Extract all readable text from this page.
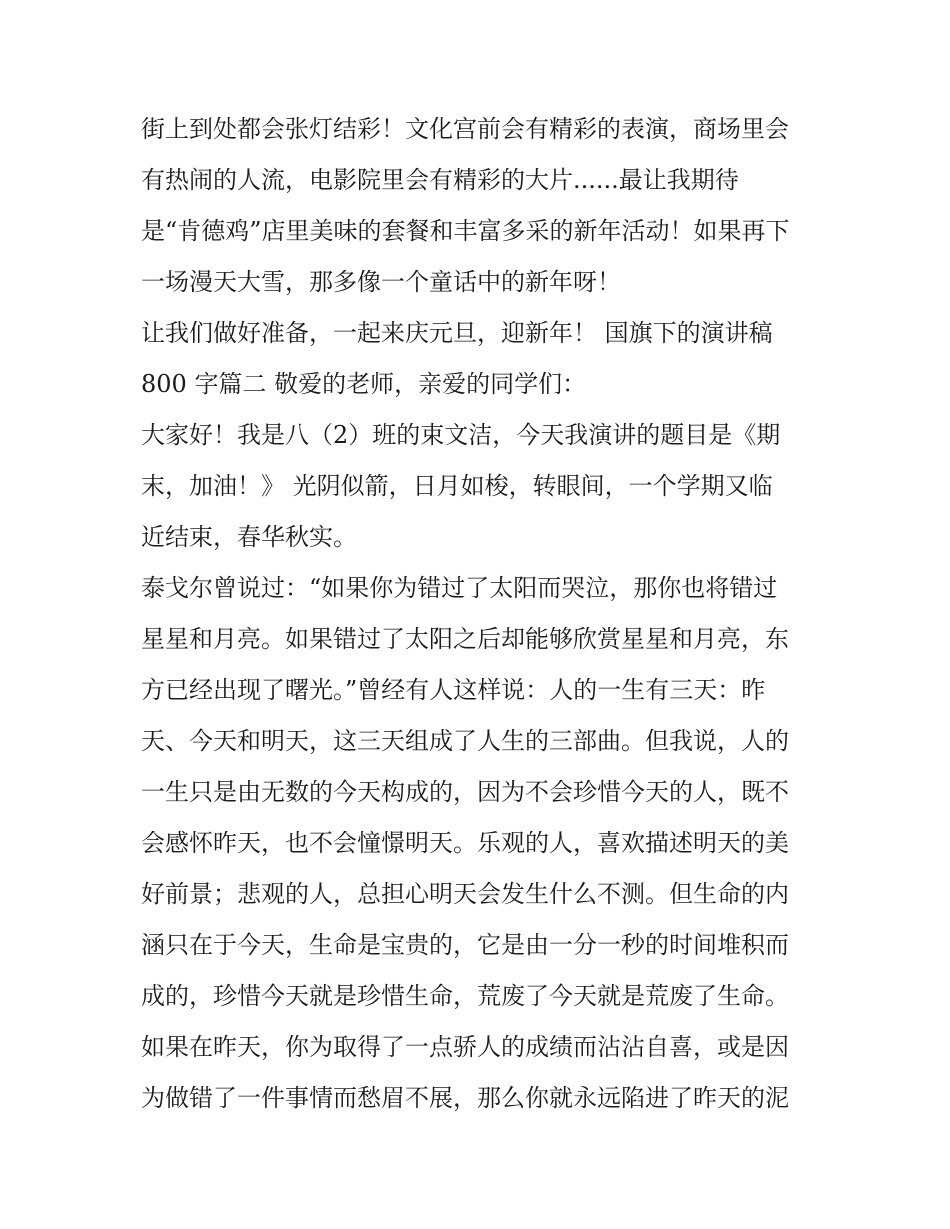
街上到处都会张灯结彩！文化宫前会有精彩的表演，商场里会
有热闹的人流，电影院里会有精彩的大片......最让我期待
是“肯德鸡”店里美味的套餐和丰富多采的新年活动！如果再下
一场漫天大雪，那多像一个童话中的新年呀！
让我们做好准备，一起来庆元旦，迎新年！ 国旗下的演讲稿
800 字篇二 敬爱的老师，亲爱的同学们：
大家好！我是八（2）班的束文洁，今天我演讲的题目是《期
末，加油！》 光阴似箭，日月如梭，转眼间，一个学期又临
近结束，春华秋实。
泰戈尔曾说过：“如果你为错过了太阳而哭泣，那你也将错过
星星和月亮。如果错过了太阳之后却能够欣赏星星和月亮，东
方已经出现了曙光。”曾经有人这样说：人的一生有三天：昨
天、今天和明天，这三天组成了人生的三部曲。但我说，人的
一生只是由无数的今天构成的，因为不会珍惜今天的人，既不
会感怀昨天，也不会憧憬明天。乐观的人，喜欢描述明天的美
好前景；悲观的人，总担心明天会发生什么不测。但生命的内
涵只在于今天，生命是宝贵的，它是由一分一秒的时间堆积而
成的，珍惜今天就是珍惜生命，荒废了今天就是荒废了生命。
如果在昨天，你为取得了一点骄人的成绩而沾沾自喜，或是因
为做错了一件事情而愁眉不展，那么你就永远陷进了昨天的泥
